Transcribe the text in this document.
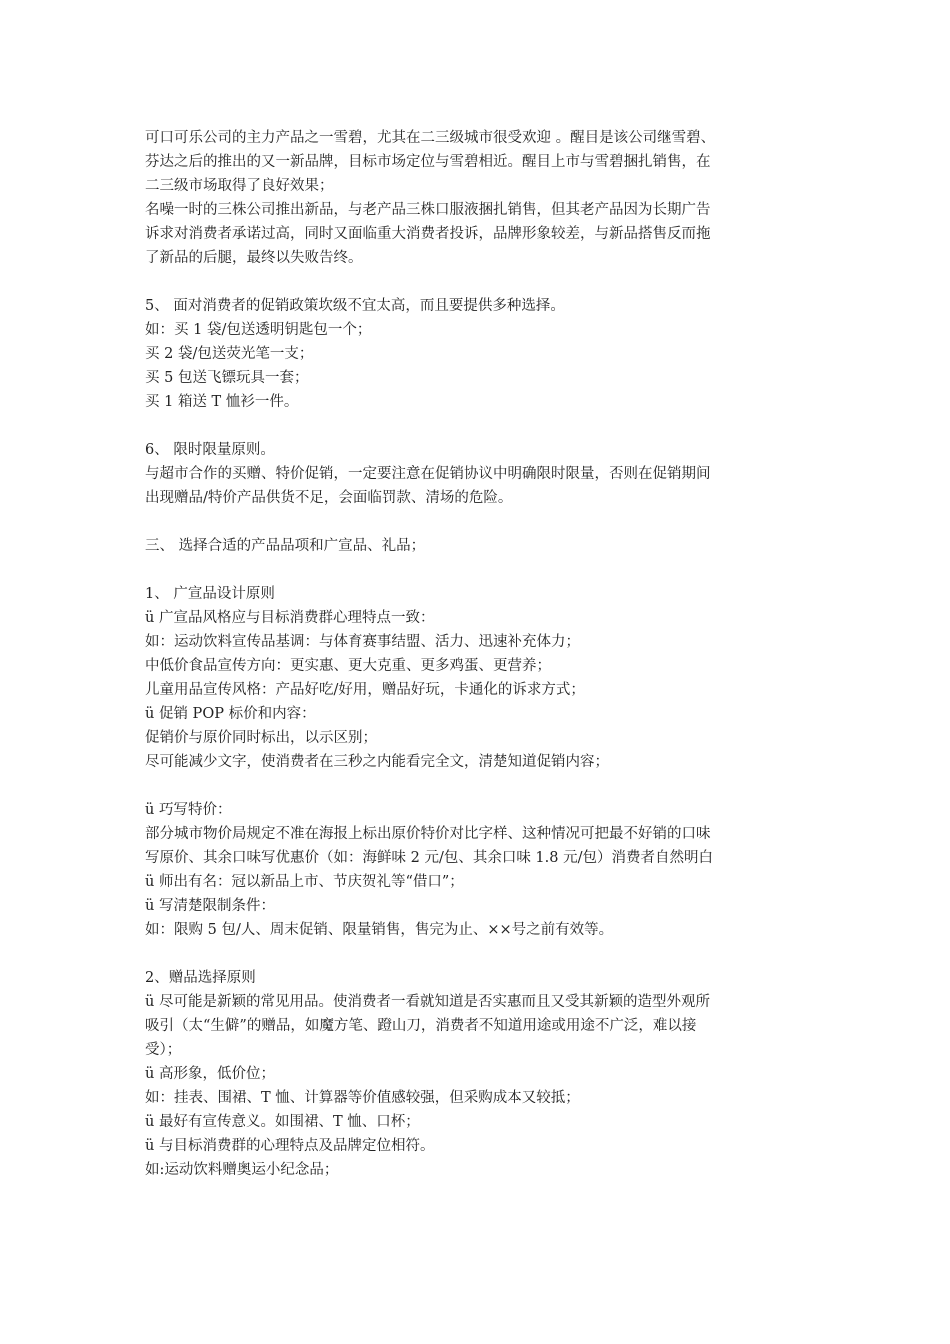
可口可乐公司的主力产品之一雪碧，尤其在二三级城市很受欢迎 。醒目是该公司继雪碧、
芬达之后的推出的又一新品牌，目标市场定位与雪碧相近。醒目上市与雪碧捆扎销售，在
二三级市场取得了良好效果；
名噪一时的三株公司推出新品，与老产品三株口服液捆扎销售，但其老产品因为长期广告
诉求对消费者承诺过高，同时又面临重大消费者投诉，品牌形象较差，与新品搭售反而拖
了新品的后腿，最终以失败告终。
5、 面对消费者的促销政策坎级不宜太高，而且要提供多种选择。
如：买 1 袋/包送透明钥匙包一个；
买 2 袋/包送荧光笔一支；
买 5 包送飞镖玩具一套；
买 1 箱送 T 恤衫一件。
6、 限时限量原则。
与超市合作的买赠、特价促销，一定要注意在促销协议中明确限时限量，否则在促销期间
出现赠品/特价产品供货不足，会面临罚款、清场的危险。
三、 选择合适的产品品项和广宣品、礼品；
1、 广宣品设计原则
ü 广宣品风格应与目标消费群心理特点一致：
如：运动饮料宣传品基调：与体育赛事结盟、活力、迅速补充体力；
中低价食品宣传方向：更实惠、更大克重、更多鸡蛋、更营养；
儿童用品宣传风格：产品好吃/好用，赠品好玩，卡通化的诉求方式；
ü 促销 POP 标价和内容：
促销价与原价同时标出，以示区别；
尽可能减少文字，使消费者在三秒之内能看完全文，清楚知道促销内容；
ü 巧写特价：
部分城市物价局规定不准在海报上标出原价特价对比字样、这种情况可把最不好销的口味
写原价、其余口味写优惠价（如：海鲜味 2 元/包、其余口味 1.8 元/包）消费者自然明白
ü 师出有名：冠以新品上市、节庆贺礼等“借口”；
ü 写清楚限制条件：
如：限购 5 包/人、周末促销、限量销售，售完为止、××号之前有效等。
2、赠品选择原则
ü 尽可能是新颖的常见用品。使消费者一看就知道是否实惠而且又受其新颖的造型外观所
吸引（太“生僻”的赠品，如魔方笔、蹬山刀，消费者不知道用途或用途不广泛，难以接
受）；
ü 高形象，低价位；
如：挂表、围裙、T 恤、计算器等价值感较强，但采购成本又较抵；
ü 最好有宣传意义。如围裙、T 恤、口杯；
ü 与目标消费群的心理特点及品牌定位相符。
如:运动饮料赠奥运小纪念品；
